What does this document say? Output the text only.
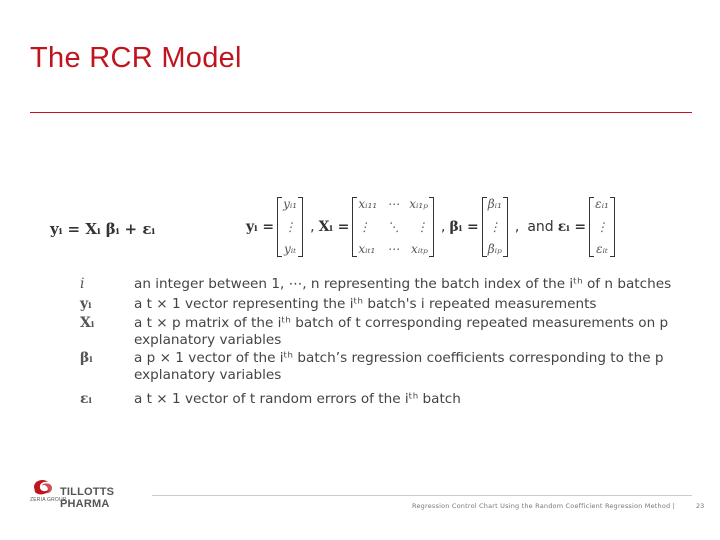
The RCR Model
yᵢ = Xᵢ βᵢ + εᵢ	yᵢ =
yᵢ₁
⋮
yᵢₜ
, Xᵢ =
xᵢ₁₁ ⋯ xᵢ₁ₚ
⋮ ⋱ ⋮
xᵢₜ₁ ⋯ xᵢₜₚ
, βᵢ =
βᵢ₁
⋮
βᵢₚ
, and εᵢ =
εᵢ₁
⋮
εᵢₜ
i	an integer between 1, ⋯, n representing the batch index of the iᵗʰ of n batches
yᵢ	a t × 1 vector representing the iᵗʰ batch's i repeated measurements
Xᵢ	a t × p matrix of the iᵗʰ batch of t corresponding repeated measurements on p explanatory variables
βᵢ	a p × 1 vector of the iᵗʰ batch’s regression coefficients corresponding to the p explanatory variables
εᵢ	a t × 1 vector of t random errors of the iᵗʰ batch
TILLOTTS PHARMA
ZERIA GROUP
Regression Control Chart Using the Random Coefficient Regression Method |	23
